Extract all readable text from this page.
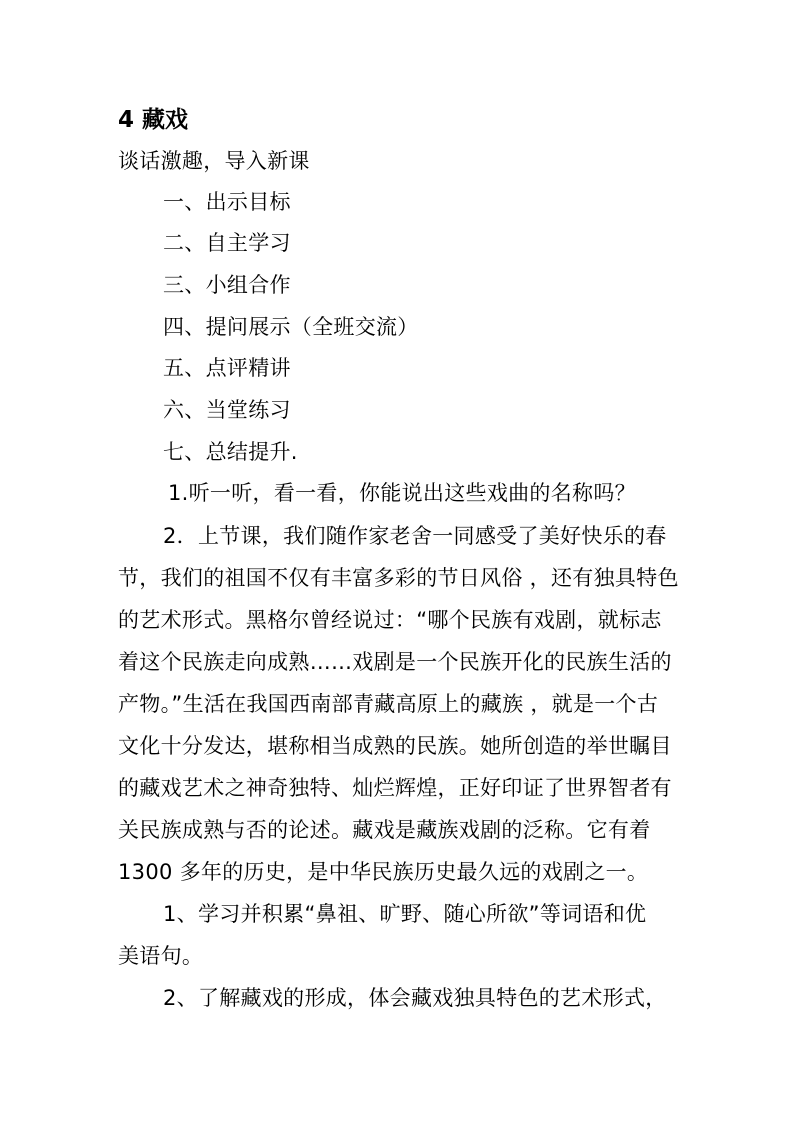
4 藏戏
谈话激趣，导入新课
一、出示目标
二、自主学习
三、小组合作
四、提问展示（全班交流）
五、点评精讲
六、当堂练习
七、总结提升.
1.听一听，看一看，你能说出这些戏曲的名称吗？
2．上节课，我们随作家老舍一同感受了美好快乐的春
节，我们的祖国不仅有丰富多彩的节日风俗 ，还有独具特色
的艺术形式。黑格尔曾经说过：“哪个民族有戏剧，就标志
着这个民族走向成熟……戏剧是一个民族开化的民族生活的
产物。”生活在我国西南部青藏高原上的藏族 ，就是一个古
文化十分发达，堪称相当成熟的民族。她所创造的举世瞩目
的藏戏艺术之神奇独特、灿烂辉煌，正好印证了世界智者有
关民族成熟与否的论述。藏戏是藏族戏剧的泛称。它有着
1300 多年的历史，是中华民族历史最久远的戏剧之一。
1、学习并积累“鼻祖、旷野、随心所欲”等词语和优
美语句。
2、了解藏戏的形成，体会藏戏独具特色的艺术形式，
